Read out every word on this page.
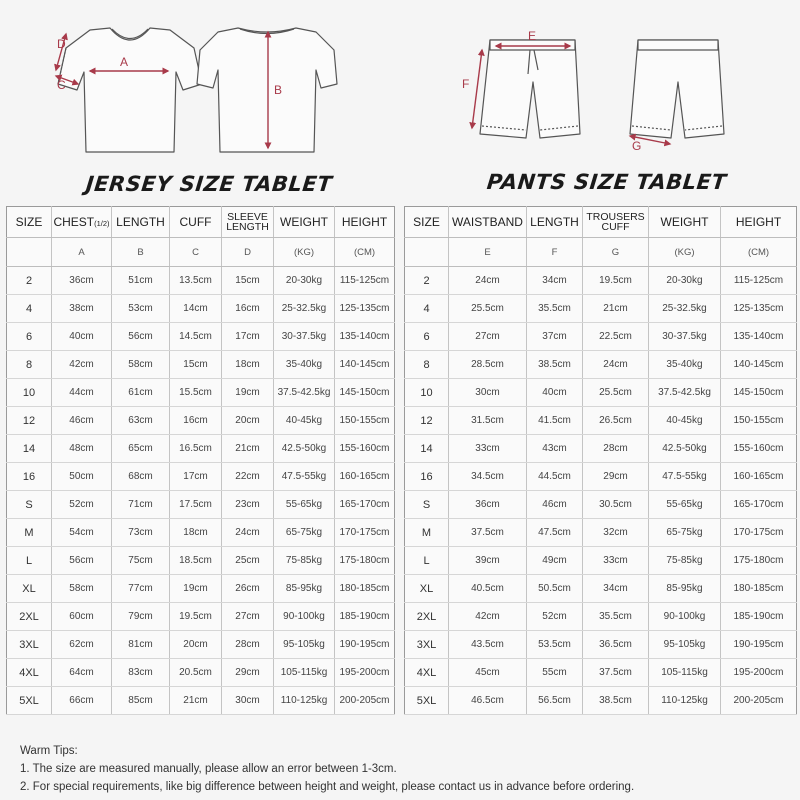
A
B
C
D
E
F
G
JERSEY SIZE TABLET	PANTS SIZE TABLET
SIZE	CHEST(1/2)	LENGTH	CUFF	SLEEVE
LENGTH	WEIGHT	HEIGHT
	A	B	C	D	(KG)	(CM)
2	36cm	51cm	13.5cm	15cm	20-30kg	115-125cm
4	38cm	53cm	14cm	16cm	25-32.5kg	125-135cm
6	40cm	56cm	14.5cm	17cm	30-37.5kg	135-140cm
8	42cm	58cm	15cm	18cm	35-40kg	140-145cm
10	44cm	61cm	15.5cm	19cm	37.5-42.5kg	145-150cm
12	46cm	63cm	16cm	20cm	40-45kg	150-155cm
14	48cm	65cm	16.5cm	21cm	42.5-50kg	155-160cm
16	50cm	68cm	17cm	22cm	47.5-55kg	160-165cm
S	52cm	71cm	17.5cm	23cm	55-65kg	165-170cm
M	54cm	73cm	18cm	24cm	65-75kg	170-175cm
L	56cm	75cm	18.5cm	25cm	75-85kg	175-180cm
XL	58cm	77cm	19cm	26cm	85-95kg	180-185cm
2XL	60cm	79cm	19.5cm	27cm	90-100kg	185-190cm
3XL	62cm	81cm	20cm	28cm	95-105kg	190-195cm
4XL	64cm	83cm	20.5cm	29cm	105-115kg	195-200cm
5XL	66cm	85cm	21cm	30cm	110-125kg	200-205cm
SIZE	WAISTBAND	LENGTH	TROUSERS
CUFF	WEIGHT	HEIGHT
	E	F	G	(KG)	(CM)
2	24cm	34cm	19.5cm	20-30kg	115-125cm
4	25.5cm	35.5cm	21cm	25-32.5kg	125-135cm
6	27cm	37cm	22.5cm	30-37.5kg	135-140cm
8	28.5cm	38.5cm	24cm	35-40kg	140-145cm
10	30cm	40cm	25.5cm	37.5-42.5kg	145-150cm
12	31.5cm	41.5cm	26.5cm	40-45kg	150-155cm
14	33cm	43cm	28cm	42.5-50kg	155-160cm
16	34.5cm	44.5cm	29cm	47.5-55kg	160-165cm
S	36cm	46cm	30.5cm	55-65kg	165-170cm
M	37.5cm	47.5cm	32cm	65-75kg	170-175cm
L	39cm	49cm	33cm	75-85kg	175-180cm
XL	40.5cm	50.5cm	34cm	85-95kg	180-185cm
2XL	42cm	52cm	35.5cm	90-100kg	185-190cm
3XL	43.5cm	53.5cm	36.5cm	95-105kg	190-195cm
4XL	45cm	55cm	37.5cm	105-115kg	195-200cm
5XL	46.5cm	56.5cm	38.5cm	110-125kg	200-205cm
Warm Tips:
1. The size are measured manually, please allow an error between 1-3cm.
2. For special requirements, like big difference between height and weight, please contact us in advance before ordering.
